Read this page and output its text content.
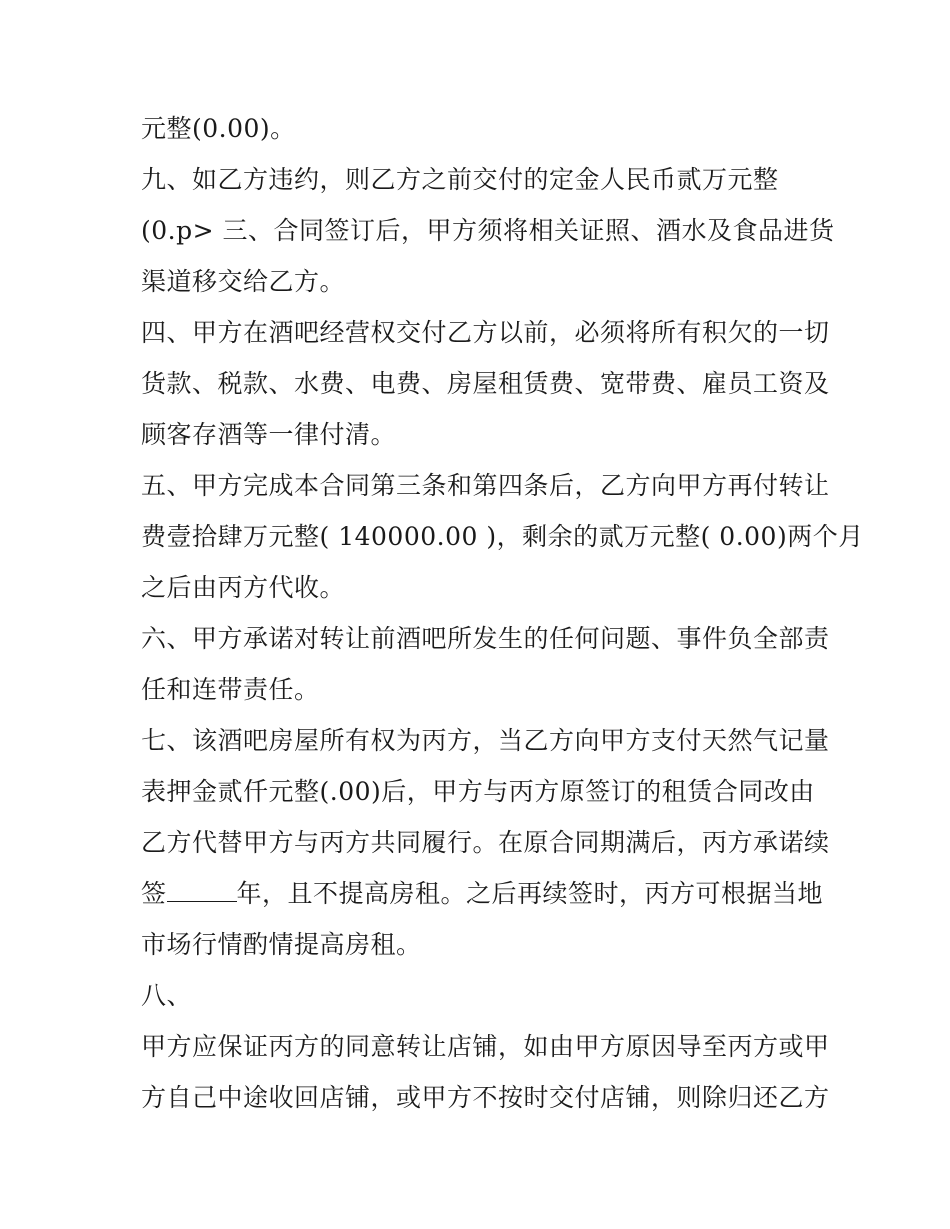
元整(0.00)。
九、如乙方违约，则乙方之前交付的定金人民币贰万元整
(0.p> 三、合同签订后，甲方须将相关证照、酒水及食品进货
渠道移交给乙方。
四、甲方在酒吧经营权交付乙方以前，必须将所有积欠的一切
货款、税款、水费、电费、房屋租赁费、宽带费、雇员工资及
顾客存酒等一律付清。
五、甲方完成本合同第三条和第四条后，乙方向甲方再付转让
费壹拾肆万元整( 140000.00 )，剩余的贰万元整( 0.00)两个月
之后由丙方代收。
六、甲方承诺对转让前酒吧所发生的任何问题、事件负全部责
任和连带责任。
七、该酒吧房屋所有权为丙方，当乙方向甲方支付天然气记量
表押金贰仟元整(.00)后，甲方与丙方原签订的租赁合同改由
乙方代替甲方与丙方共同履行。在原合同期满后，丙方承诺续
签	年，且不提高房租。之后再续签时，丙方可根据当地
市场行情酌情提高房租。
八、
甲方应保证丙方的同意转让店铺，如由甲方原因导至丙方或甲
方自己中途收回店铺，或甲方不按时交付店铺，则除归还乙方
